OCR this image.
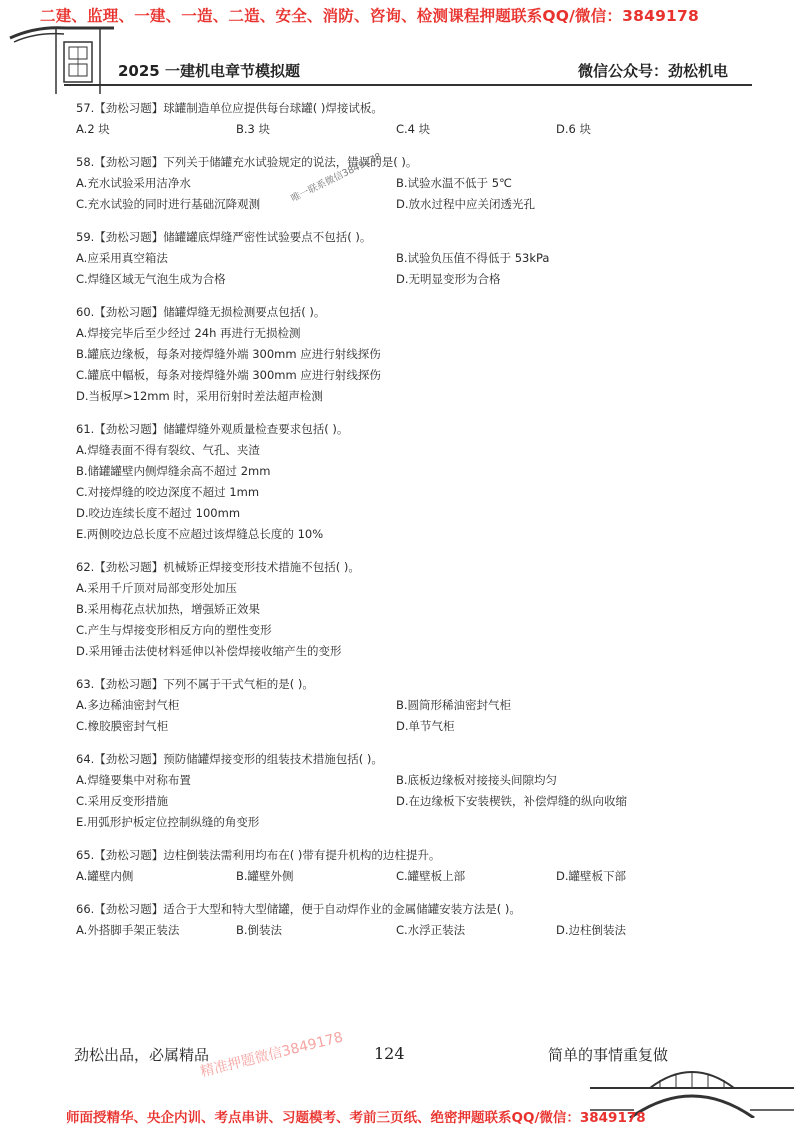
二建、监理、一建、一造、二造、安全、消防、咨询、检测课程押题联系QQ/微信：3849178
2025 一建机电章节模拟题	微信公众号：劲松机电
57.【劲松习题】球罐制造单位应提供每台球罐( )焊接试板。
A.2 块	B.3 块	C.4 块	D.6 块
58.【劲松习题】下列关于储罐充水试验规定的说法，错误的是( )。
A.充水试验采用洁净水	B.试验水温不低于 5℃
C.充水试验的同时进行基础沉降观测	D.放水过程中应关闭透光孔
59.【劲松习题】储罐罐底焊缝严密性试验要点不包括( )。
A.应采用真空箱法	B.试验负压值不得低于 53kPa
C.焊缝区域无气泡生成为合格	D.无明显变形为合格
60.【劲松习题】储罐焊缝无损检测要点包括( )。
A.焊接完毕后至少经过 24h 再进行无损检测
B.罐底边缘板，每条对接焊缝外端 300mm 应进行射线探伤
C.罐底中幅板，每条对接焊缝外端 300mm 应进行射线探伤
D.当板厚>12mm 时，采用衍射时差法超声检测
61.【劲松习题】储罐焊缝外观质量检查要求包括( )。
A.焊缝表面不得有裂纹、气孔、夹渣
B.储罐罐壁内侧焊缝余高不超过 2mm
C.对接焊缝的咬边深度不超过 1mm
D.咬边连续长度不超过 100mm
E.两侧咬边总长度不应超过该焊缝总长度的 10%
62.【劲松习题】机械矫正焊接变形技术措施不包括( )。
A.采用千斤顶对局部变形处加压
B.采用梅花点状加热，增强矫正效果
C.产生与焊接变形相反方向的塑性变形
D.采用锤击法使材料延伸以补偿焊接收缩产生的变形
63.【劲松习题】下列不属于干式气柜的是( )。
A.多边稀油密封气柜	B.圆筒形稀油密封气柜
C.橡胶膜密封气柜	D.单节气柜
64.【劲松习题】预防储罐焊接变形的组装技术措施包括( )。
A.焊缝要集中对称布置	B.底板边缘板对接接头间隙均匀
C.采用反变形措施	D.在边缘板下安装楔铁，补偿焊缝的纵向收缩
E.用弧形护板定位控制纵缝的角变形
65.【劲松习题】边柱倒装法需利用均布在( )带有提升机构的边柱提升。
A.罐壁内侧	B.罐壁外侧	C.罐壁板上部	D.罐壁板下部
66.【劲松习题】适合于大型和特大型储罐，便于自动焊作业的金属储罐安装方法是( )。
A.外搭脚手架正装法	B.倒装法	C.水浮正装法	D.边柱倒装法
唯一联系微信3849178
劲松出品，必属精品	124	简单的事情重复做
精准押题微信3849178
师面授精华、央企内训、考点串讲、习题模考、考前三页纸、绝密押题联系QQ/微信：3849178
